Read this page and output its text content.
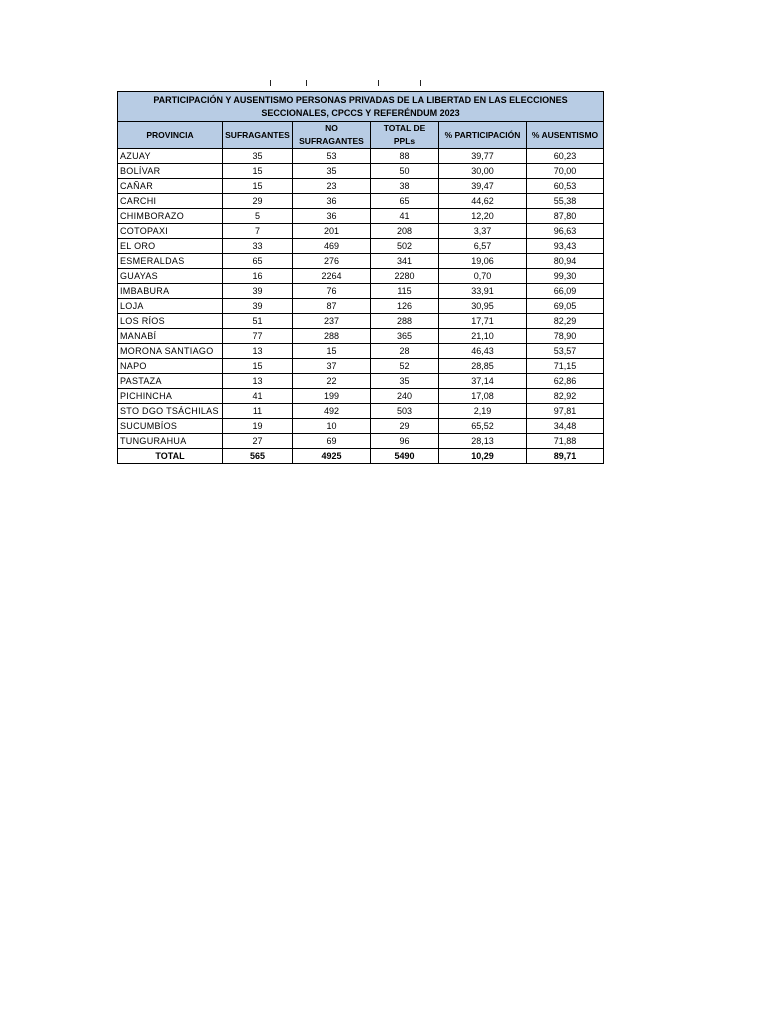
PARTICIPACIÓN Y AUSENTISMO PERSONAS PRIVADAS DE LA LIBERTAD EN LAS ELECCIONES SECCIONALES, CPCCS Y REFERÉNDUM 2023					
PROVINCIA	SUFRAGANTES	NO SUFRAGANTES	TOTAL DE PPLs	% PARTICIPACIÓN	% AUSENTISMO
AZUAY	35	53	88	39,77	60,23
BOLÍVAR	15	35	50	30,00	70,00
CAÑAR	15	23	38	39,47	60,53
CARCHI	29	36	65	44,62	55,38
CHIMBORAZO	5	36	41	12,20	87,80
COTOPAXI	7	201	208	3,37	96,63
EL ORO	33	469	502	6,57	93,43
ESMERALDAS	65	276	341	19,06	80,94
GUAYAS	16	2264	2280	0,70	99,30
IMBABURA	39	76	115	33,91	66,09
LOJA	39	87	126	30,95	69,05
LOS RÍOS	51	237	288	17,71	82,29
MANABÍ	77	288	365	21,10	78,90
MORONA SANTIAGO	13	15	28	46,43	53,57
NAPO	15	37	52	28,85	71,15
PASTAZA	13	22	35	37,14	62,86
PICHINCHA	41	199	240	17,08	82,92
STO DGO TSÁCHILAS	11	492	503	2,19	97,81
SUCUMBÍOS	19	10	29	65,52	34,48
TUNGURAHUA	27	69	96	28,13	71,88
TOTAL	565	4925	5490	10,29	89,71
